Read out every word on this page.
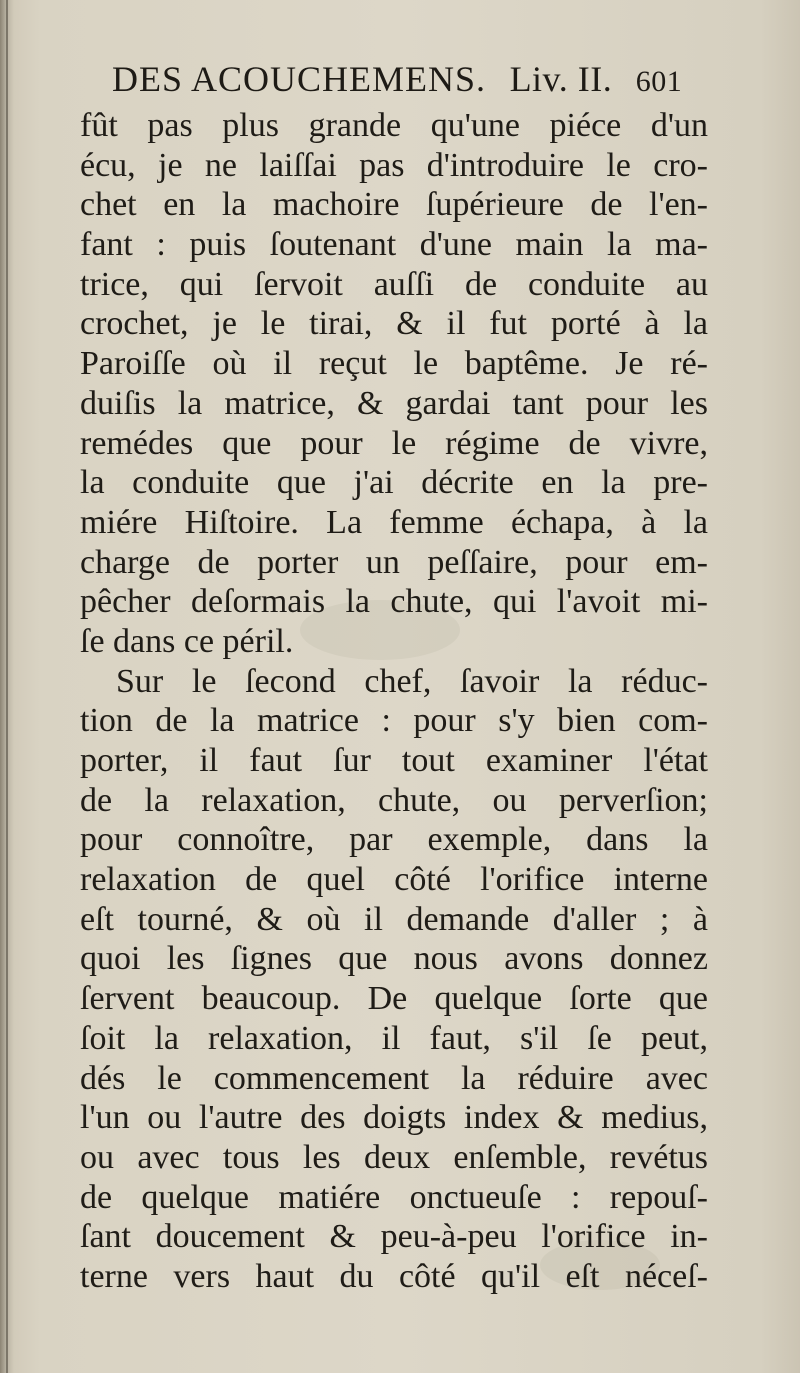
DES ACOUCHEMENS. Liv. II. 601
fût pas plus grande qu'une piéce d'un
écu, je ne laiſſai pas d'introduire le cro-
chet en la machoire ſupérieure de l'en-
fant : puis ſoutenant d'une main la ma-
trice, qui ſervoit auſſi de conduite au
crochet, je le tirai, & il fut porté à la
Paroiſſe où il reçut le baptême. Je ré-
duiſis la matrice, & gardai tant pour les
remédes que pour le régime de vivre,
la conduite que j'ai décrite en la pre-
miére Hiſtoire. La femme échapa, à la
charge de porter un peſſaire, pour em-
pêcher deſormais la chute, qui l'avoit mi-
ſe dans ce péril.
Sur le ſecond chef, ſavoir la réduc-
tion de la matrice : pour s'y bien com-
porter, il faut ſur tout examiner l'état
de la relaxation, chute, ou perverſion;
pour connoître, par exemple, dans la
relaxation de quel côté l'orifice interne
eſt tourné, & où il demande d'aller ; à
quoi les ſignes que nous avons donnez
ſervent beaucoup. De quelque ſorte que
ſoit la relaxation, il faut, s'il ſe peut,
dés le commencement la réduire avec
l'un ou l'autre des doigts index & medius,
ou avec tous les deux enſemble, revétus
de quelque matiére onctueuſe : repouſ-
ſant doucement & peu-à-peu l'orifice in-
terne vers haut du côté qu'il eſt néceſ-
